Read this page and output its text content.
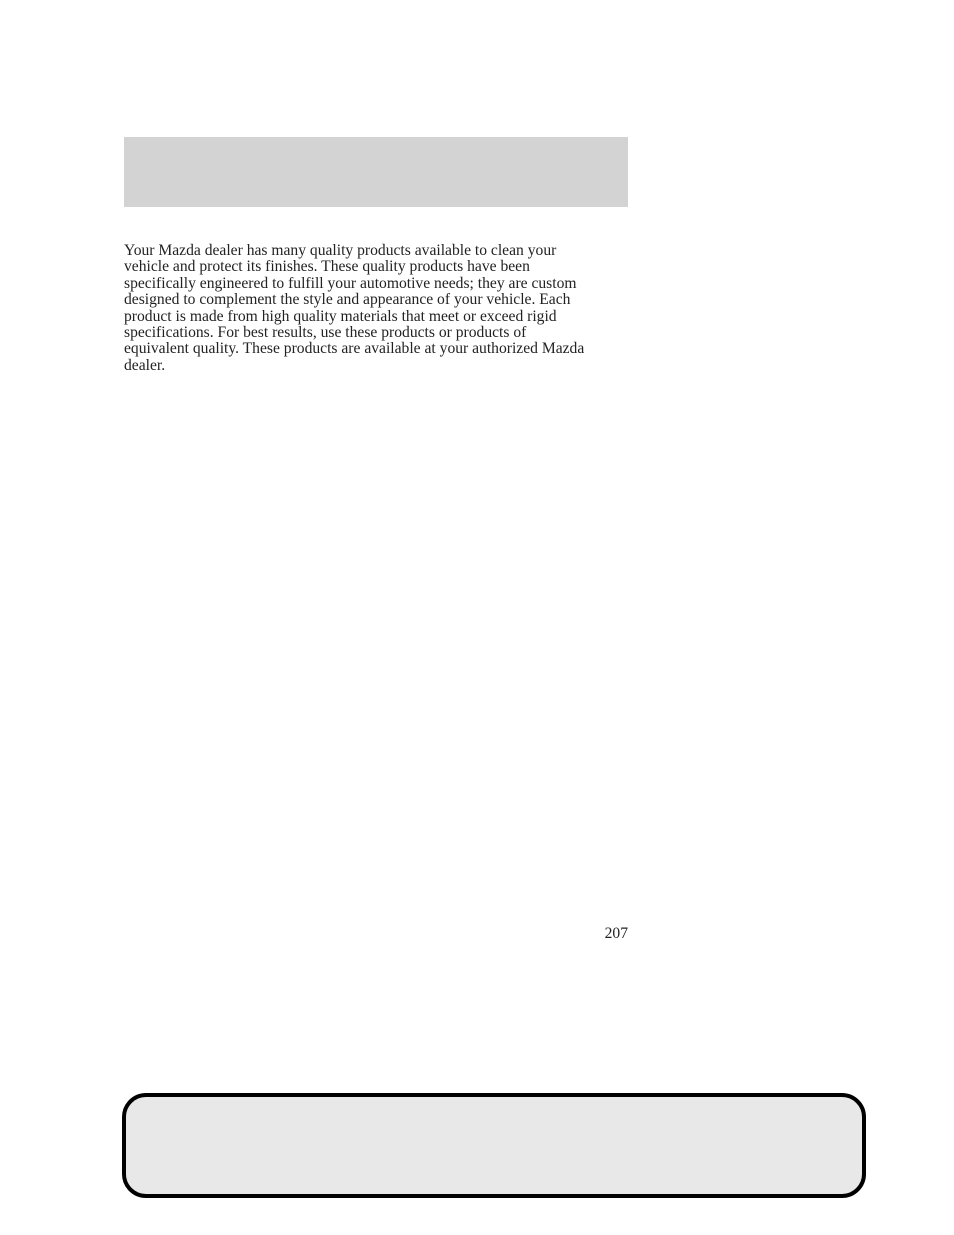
Your Mazda dealer has many quality products available to clean your
vehicle and protect its finishes. These quality products have been
specifically engineered to fulfill your automotive needs; they are custom
designed to complement the style and appearance of your vehicle. Each
product is made from high quality materials that meet or exceed rigid
specifications. For best results, use these products or products of
equivalent quality. These products are available at your authorized Mazda
dealer.

207
